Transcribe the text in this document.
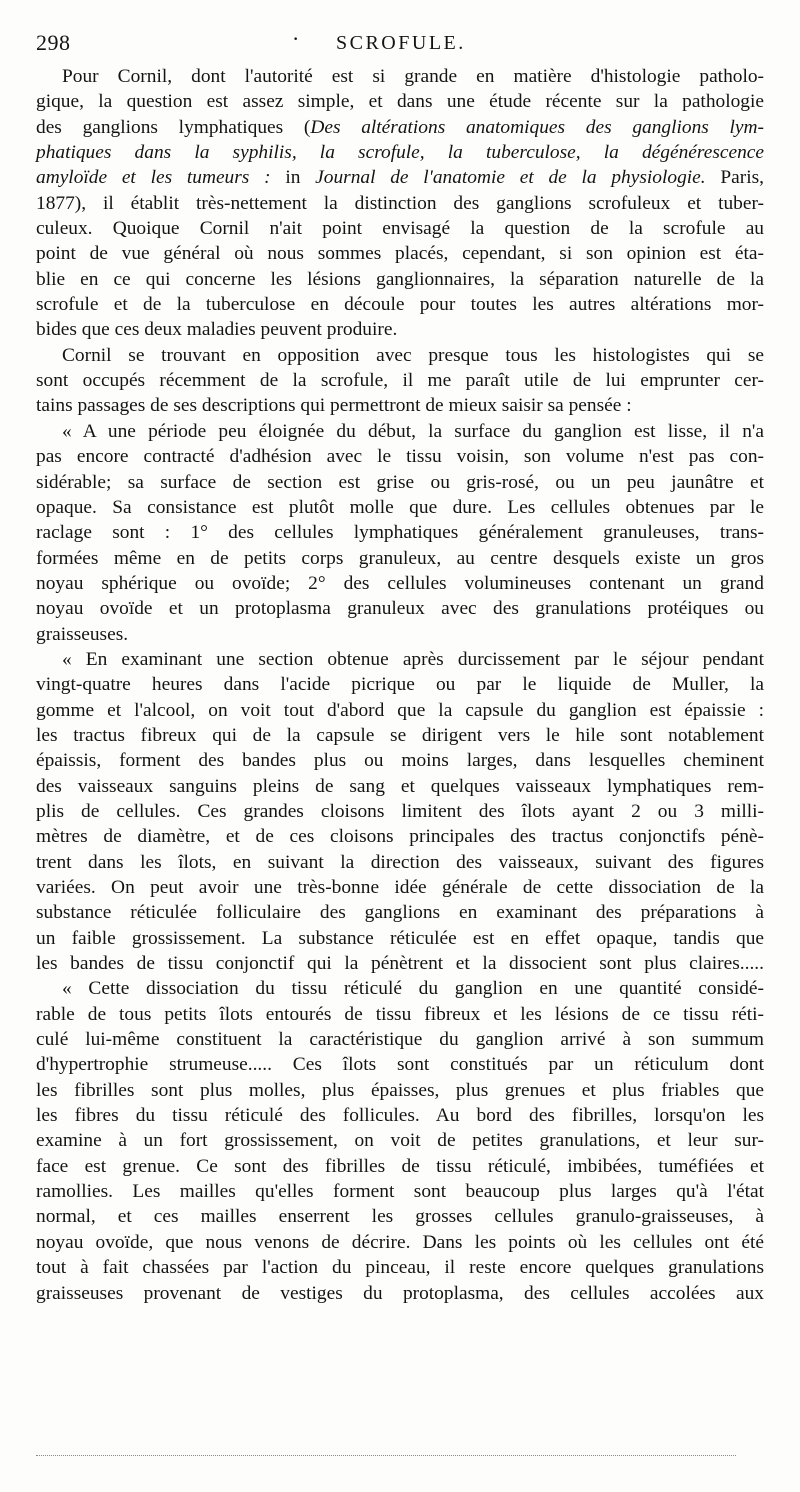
298	· SCROFULE.
Pour Cornil, dont l'autorité est si grande en matière d'histologie patholo-
gique, la question est assez simple, et dans une étude récente sur la pathologie
des ganglions lymphatiques (Des altérations anatomiques des ganglions lym-
phatiques dans la syphilis, la scrofule, la tuberculose, la dégénérescence
amyloïde et les tumeurs : in Journal de l'anatomie et de la physiologie. Paris,
1877), il établit très-nettement la distinction des ganglions scrofuleux et tuber-
culeux. Quoique Cornil n'ait point envisagé la question de la scrofule au
point de vue général où nous sommes placés, cependant, si son opinion est éta-
blie en ce qui concerne les lésions ganglionnaires, la séparation naturelle de la
scrofule et de la tuberculose en découle pour toutes les autres altérations mor-
bides que ces deux maladies peuvent produire.
Cornil se trouvant en opposition avec presque tous les histologistes qui se
sont occupés récemment de la scrofule, il me paraît utile de lui emprunter cer-
tains passages de ses descriptions qui permettront de mieux saisir sa pensée :
« A une période peu éloignée du début, la surface du ganglion est lisse, il n'a
pas encore contracté d'adhésion avec le tissu voisin, son volume n'est pas con-
sidérable; sa surface de section est grise ou gris-rosé, ou un peu jaunâtre et
opaque. Sa consistance est plutôt molle que dure. Les cellules obtenues par le
raclage sont : 1° des cellules lymphatiques généralement granuleuses, trans-
formées même en de petits corps granuleux, au centre desquels existe un gros
noyau sphérique ou ovoïde; 2° des cellules volumineuses contenant un grand
noyau ovoïde et un protoplasma granuleux avec des granulations protéiques ou
graisseuses.
« En examinant une section obtenue après durcissement par le séjour pendant
vingt-quatre heures dans l'acide picrique ou par le liquide de Muller, la
gomme et l'alcool, on voit tout d'abord que la capsule du ganglion est épaissie :
les tractus fibreux qui de la capsule se dirigent vers le hile sont notablement
épaissis, forment des bandes plus ou moins larges, dans lesquelles cheminent
des vaisseaux sanguins pleins de sang et quelques vaisseaux lymphatiques rem-
plis de cellules. Ces grandes cloisons limitent des îlots ayant 2 ou 3 milli-
mètres de diamètre, et de ces cloisons principales des tractus conjonctifs pénè-
trent dans les îlots, en suivant la direction des vaisseaux, suivant des figures
variées. On peut avoir une très-bonne idée générale de cette dissociation de la
substance réticulée folliculaire des ganglions en examinant des préparations à
un faible grossissement. La substance réticulée est en effet opaque, tandis que
les bandes de tissu conjonctif qui la pénètrent et la dissocient sont plus claires.....
« Cette dissociation du tissu réticulé du ganglion en une quantité considé-
rable de tous petits îlots entourés de tissu fibreux et les lésions de ce tissu réti-
culé lui-même constituent la caractéristique du ganglion arrivé à son summum
d'hypertrophie strumeuse..... Ces îlots sont constitués par un réticulum dont
les fibrilles sont plus molles, plus épaisses, plus grenues et plus friables que
les fibres du tissu réticulé des follicules. Au bord des fibrilles, lorsqu'on les
examine à un fort grossissement, on voit de petites granulations, et leur sur-
face est grenue. Ce sont des fibrilles de tissu réticulé, imbibées, tuméfiées et
ramollies. Les mailles qu'elles forment sont beaucoup plus larges qu'à l'état
normal, et ces mailles enserrent les grosses cellules granulo-graisseuses, à
noyau ovoïde, que nous venons de décrire. Dans les points où les cellules ont été
tout à fait chassées par l'action du pinceau, il reste encore quelques granulations
graisseuses provenant de vestiges du protoplasma, des cellules accolées aux
